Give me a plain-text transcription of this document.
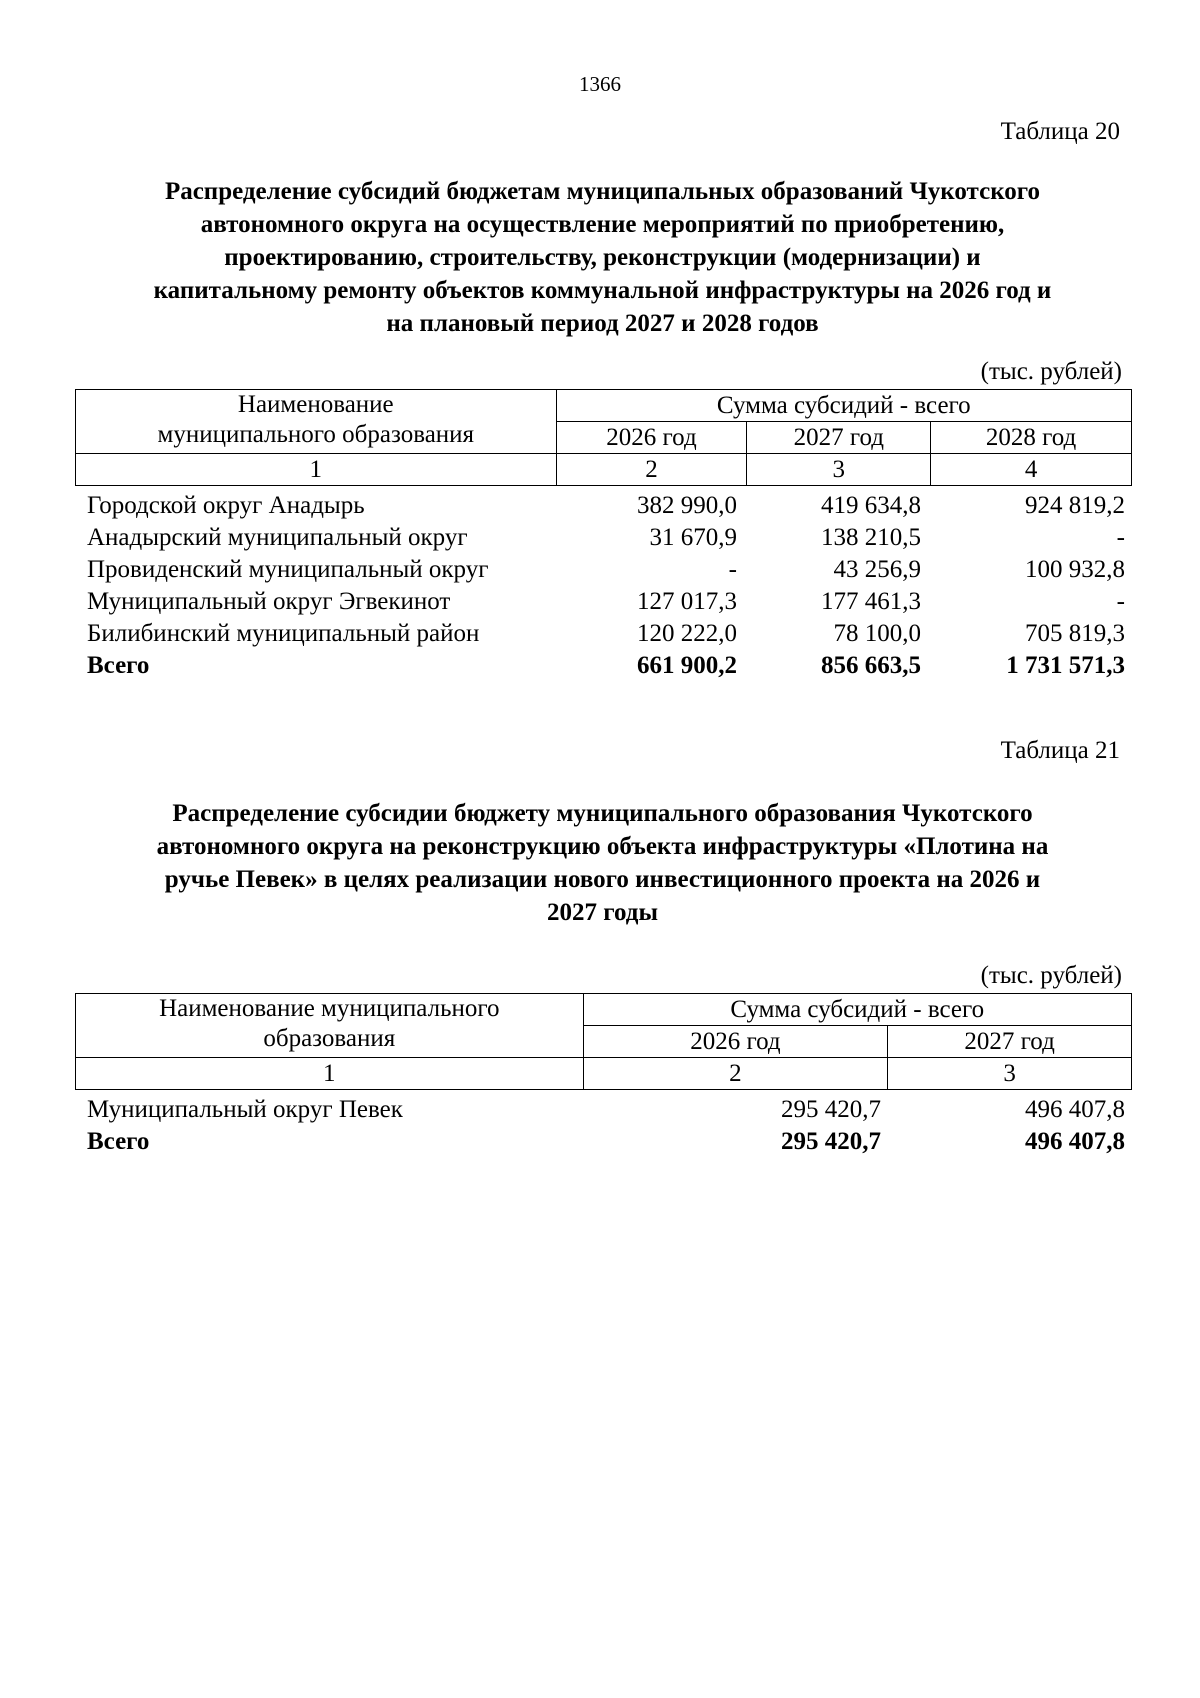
1366
Таблица 20
Распределение субсидий бюджетам муниципальных образований Чукотского
автономного округа на осуществление мероприятий по приобретению,
проектированию, строительству, реконструкции (модернизации) и
капитальному ремонту объектов коммунальной инфраструктуры на 2026 год и
на плановый период 2027 и 2028 годов
(тыс. рублей)
Наименование
муниципального образования	Сумма субсидий - всего		
	2026 год	2027 год	2028 год
1	2	3	4
Городской округ Анадырь	382 990,0	419 634,8	924 819,2
Анадырский муниципальный округ	31 670,9	138 210,5	-
Провиденский муниципальный округ	-	43 256,9	100 932,8
Муниципальный округ Эгвекинот	127 017,3	177 461,3	-
Билибинский муниципальный район	120 222,0	78 100,0	705 819,3
Всего	661 900,2	856 663,5	1 731 571,3
Таблица 21
Распределение субсидии бюджету муниципального образования Чукотского
автономного округа на реконструкцию объекта инфраструктуры «Плотина на
ручье Певек» в целях реализации нового инвестиционного проекта на 2026 и
2027 годы
(тыс. рублей)
Наименование муниципального
образования	Сумма субсидий - всего	
	2026 год	2027 год
1	2	3
Муниципальный округ Певек	295 420,7	496 407,8
Всего	295 420,7	496 407,8
